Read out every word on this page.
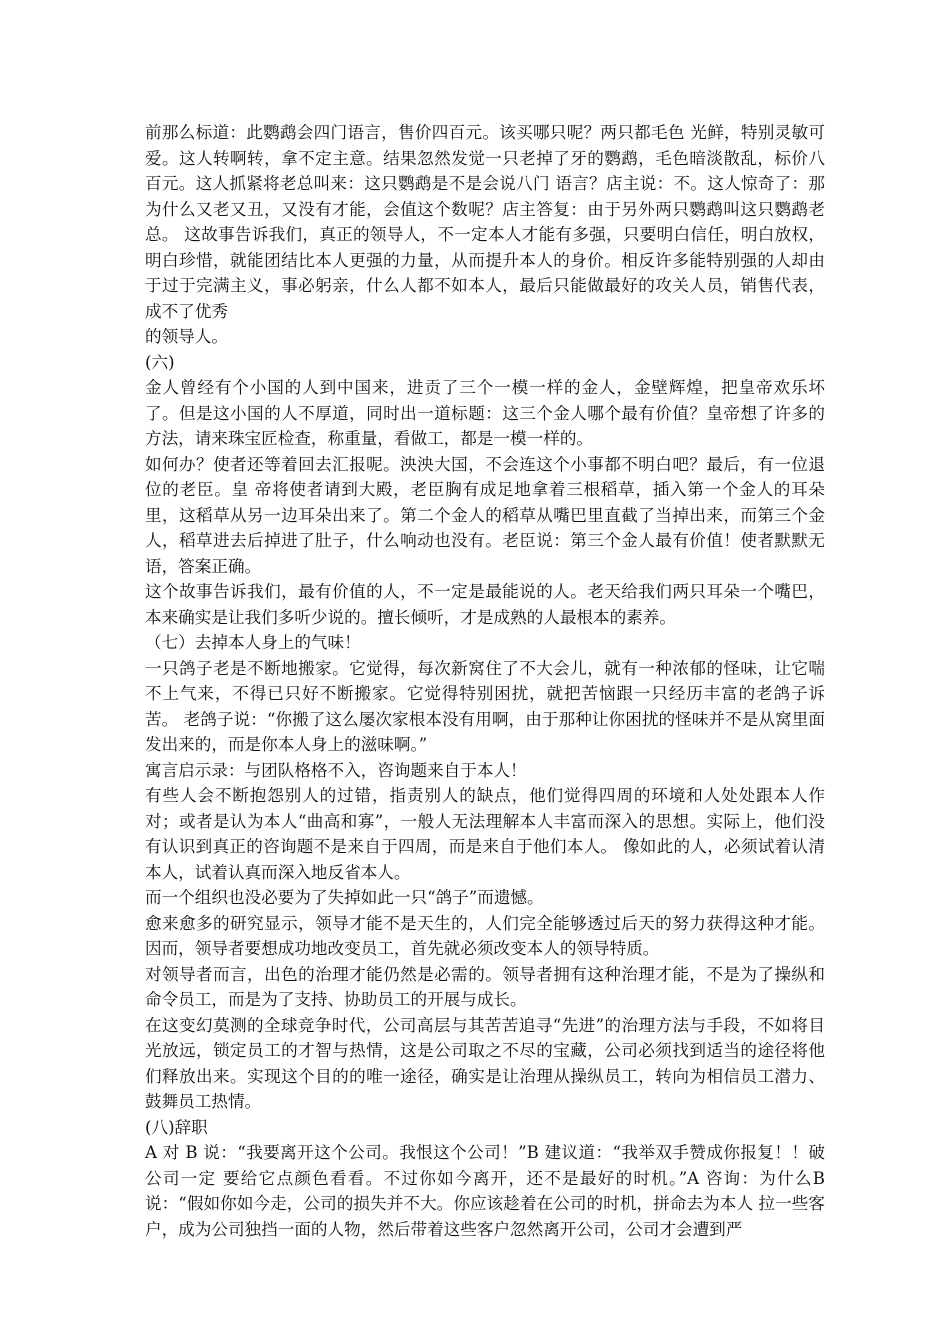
前那么标道：此鹦鹉会四门语言，售价四百元。该买哪只呢？两只都毛色 光鲜，特别灵敏可爱。这人转啊转，拿不定主意。结果忽然发觉一只老掉了牙的鹦鹉，毛色暗淡散乱，标价八百元。这人抓紧将老总叫来：这只鹦鹉是不是会说八门 语言？店主说：不。这人惊奇了：那为什么又老又丑，又没有才能，会值这个数呢？店主答复：由于另外两只鹦鹉叫这只鹦鹉老总。 这故事告诉我们，真正的领导人，不一定本人才能有多强，只要明白信任，明白放权，明白珍惜，就能团结比本人更强的力量，从而提升本人的身价。相反许多能特别强的人却由于过于完满主义，事必躬亲，什么人都不如本人，最后只能做最好的攻关人员，销售代表，成不了优秀

的领导人。

(六)

金人曾经有个小国的人到中国来，进贡了三个一模一样的金人，金壁辉煌，把皇帝欢乐坏了。但是这小国的人不厚道，同时出一道标题：这三个金人哪个最有价值？皇帝想了许多的方法，请来珠宝匠检查，称重量，看做工，都是一模一样的。

如何办？使者还等着回去汇报呢。泱泱大国，不会连这个小事都不明白吧？最后，有一位退位的老臣。皇 帝将使者请到大殿，老臣胸有成足地拿着三根稻草，插入第一个金人的耳朵里，这稻草从另一边耳朵出来了。第二个金人的稻草从嘴巴里直截了当掉出来，而第三个金 人，稻草进去后掉进了肚子，什么响动也没有。老臣说：第三个金人最有价值！使者默默无语，答案正确。

这个故事告诉我们，最有价值的人，不一定是最能说的人。老天给我们两只耳朵一个嘴巴，本来确实是让我们多听少说的。擅长倾听，才是成熟的人最根本的素养。

（七）去掉本人身上的气味！

一只鸽子老是不断地搬家。它觉得，每次新窝住了不大会儿，就有一种浓郁的怪味，让它喘不上气来，不得已只好不断搬家。它觉得特别困扰，就把苦恼跟一只经历丰富的老鸽子诉苦。 老鸽子说：“你搬了这么屡次家根本没有用啊，由于那种让你困扰的怪味并不是从窝里面发出来的，而是你本人身上的滋味啊。”

寓言启示录：与团队格格不入，咨询题来自于本人！

有些人会不断抱怨别人的过错，指责别人的缺点，他们觉得四周的环境和人处处跟本人作对；或者是认为本人“曲高和寡”，一般人无法理解本人丰富而深入的思想。实际上，他们没有认识到真正的咨询题不是来自于四周，而是来自于他们本人。 像如此的人，必须试着认清本人，试着认真而深入地反省本人。

而一个组织也没必要为了失掉如此一只“鸽子”而遗憾。

愈来愈多的研究显示，领导才能不是天生的，人们完全能够透过后天的努力获得这种才能。因而，领导者要想成功地改变员工，首先就必须改变本人的领导特质。

对领导者而言，出色的治理才能仍然是必需的。领导者拥有这种治理才能，不是为了操纵和命令员工，而是为了支持、协助员工的开展与成长。

在这变幻莫测的全球竞争时代，公司高层与其苦苦追寻“先进”的治理方法与手段，不如将目光放远，锁定员工的才智与热情，这是公司取之不尽的宝藏，公司必须找到适当的途径将他们释放出来。实现这个目的的唯一途径，确实是让治理从操纵员工，转向为相信员工潜力、鼓舞员工热情。

(八)辞职

A 对 B 说：“我要离开这个公司。我恨这个公司！”B 建议道：“我举双手赞成你报复！！破公司一定 要给它点颜色看看。不过你如今离开，还不是最好的时机。”A 咨询：为什么B 说：“假如你如今走，公司的损失并不大。你应该趁着在公司的时机，拼命去为本人 拉一些客户，成为公司独挡一面的人物，然后带着这些客户忽然离开公司，公司才会遭到严
